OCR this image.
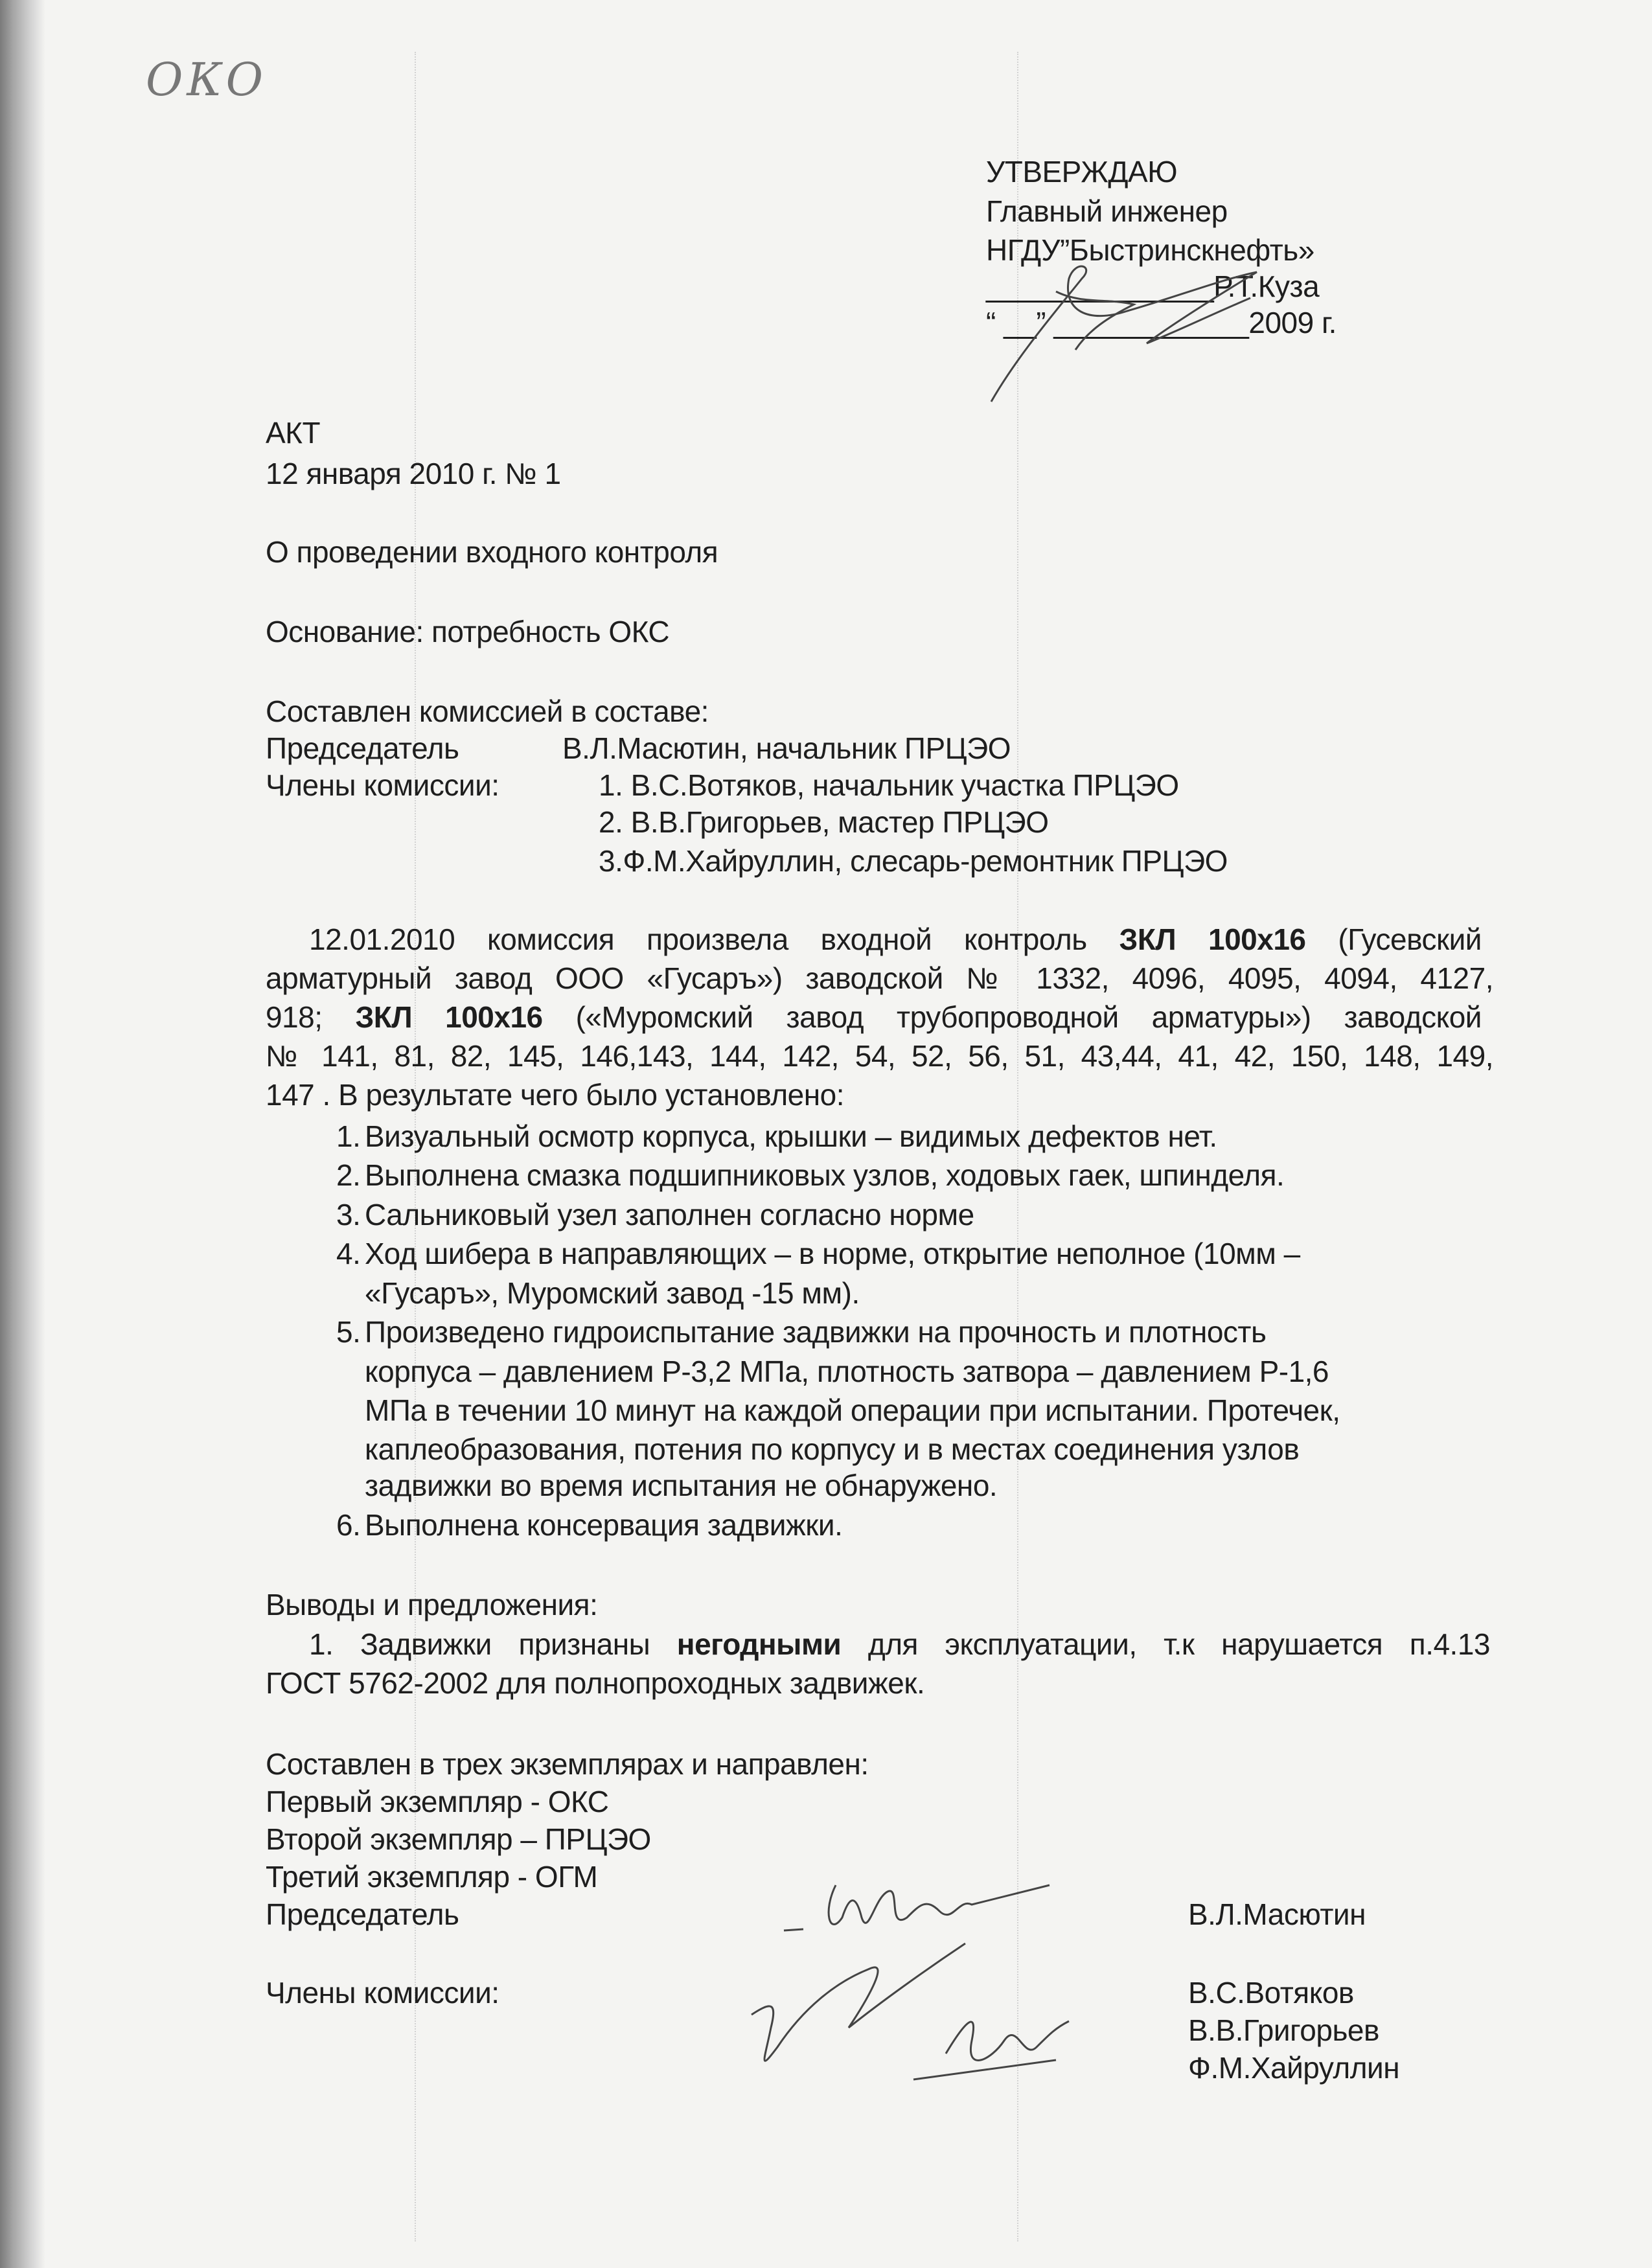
ОКО
УТВЕРЖДАЮ
Главный инженер
НГДУ”Быстринскнефть»
______________Р.Т.Куза
“ __” ____________2009 г.
АКТ
12 января 2010 г. № 1
О проведении входного контроля
Основание: потребность ОКС
Составлен комиссией в составе:
Председатель	В.Л.Масютин, начальник ПРЦЭО
Члены комиссии:	1. В.С.Вотяков, начальник участка ПРЦЭО
2. В.В.Григорьев, мастер ПРЦЭО
3.Ф.М.Хайруллин, слесарь-ремонтник ПРЦЭО
12.01.2010 комиссия произвела входной контроль ЗКЛ 100х16 (Гусевский
арматурный завод ООО «Гусаръ») заводской № 1332, 4096, 4095, 4094, 4127,
918; ЗКЛ 100х16 («Муромский завод трубопроводной арматуры») заводской
№ 141, 81, 82, 145, 146,143, 144, 142, 54, 52, 56, 51, 43,44, 41, 42, 150, 148, 149,
147 . В результате чего было установлено:
1. Визуальный осмотр корпуса, крышки – видимых дефектов нет.
2. Выполнена смазка подшипниковых узлов, ходовых гаек, шпинделя.
3. Сальниковый узел заполнен согласно норме
4. Ход шибера в направляющих – в норме, открытие неполное (10мм –
«Гусаръ», Муромский завод -15 мм).
5. Произведено гидроиспытание задвижки на прочность и плотность
корпуса – давлением Р-3,2 МПа, плотность затвора – давлением Р-1,6
МПа в течении 10 минут на каждой операции при испытании. Протечек,
каплеобразования, потения по корпусу и в местах соединения узлов
задвижки во время испытания не обнаружено.
6. Выполнена консервация задвижки.
Выводы и предложения:
1. Задвижки признаны негодными для эксплуатации, т.к нарушается п.4.13
ГОСТ 5762-2002 для полнопроходных задвижек.
Составлен в трех экземплярах и направлен:
Первый экземпляр - ОКС
Второй экземпляр – ПРЦЭО
Третий экземпляр - ОГМ
Председатель	В.Л.Масютин
Члены комиссии:	В.С.Вотяков
В.В.Григорьев
Ф.М.Хайруллин
